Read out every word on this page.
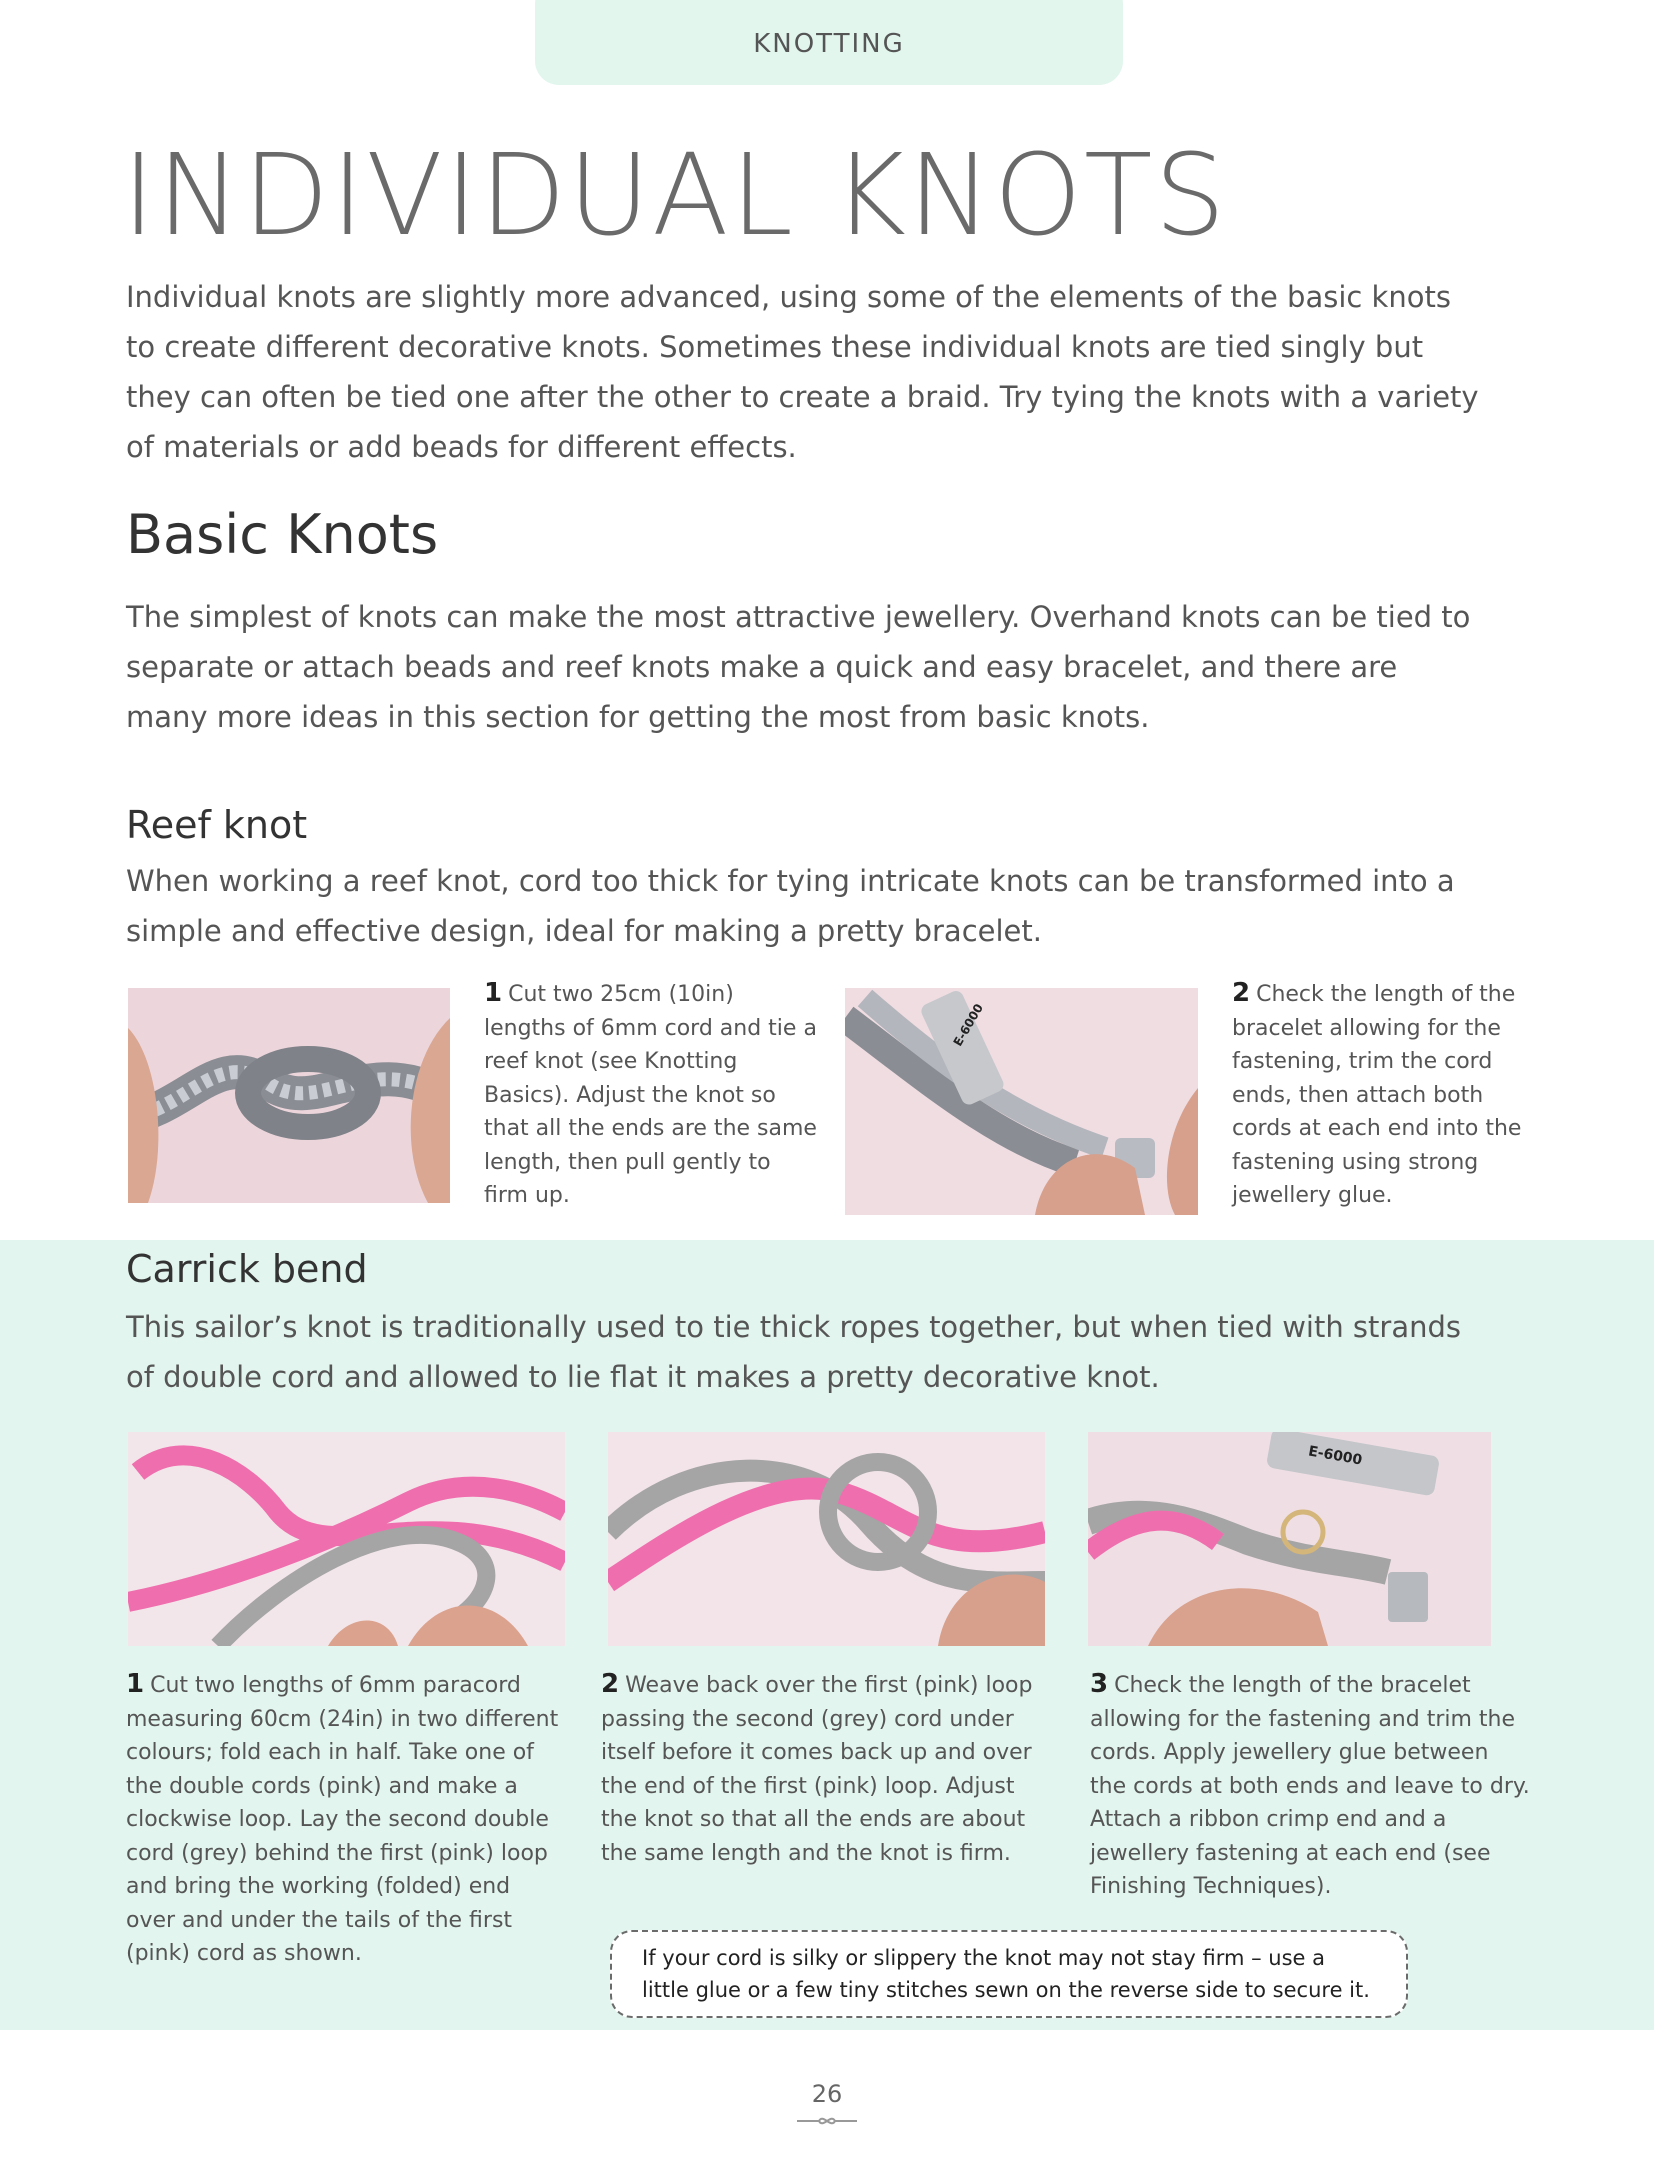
KNOTTING
INDIVIDUAL KNOTS

Individual knots are slightly more advanced, using some of the elements of the basic knots to create different decorative knots. Sometimes these individual knots are tied singly but they can often be tied one after the other to create a braid. Try tying the knots with a variety of materials or add beads for different effects.

Basic Knots

The simplest of knots can make the most attractive jewellery. Overhand knots can be tied to separate or attach beads and reef knots make a quick and easy bracelet, and there are many more ideas in this section for getting the most from basic knots.

Reef knot

When working a reef knot, cord too thick for tying intricate knots can be transformed into a simple and effective design, ideal for making a pretty bracelet.

1 Cut two 25cm (10in) lengths of 6mm cord and tie a reef knot (see Knotting Basics). Adjust the knot so that all the ends are the same length, then pull gently to firm up.

E-6000

2 Check the length of the bracelet allowing for the fastening, trim the cord ends, then attach both cords at each end into the fastening using strong jewellery glue.

Carrick bend

This sailor’s knot is traditionally used to tie thick ropes together, but when tied with strands of double cord and allowed to lie flat it makes a pretty decorative knot.

E-6000

1 Cut two lengths of 6mm paracord measuring 60cm (24in) in two different colours; fold each in half. Take one of the double cords (pink) and make a clockwise loop. Lay the second double cord (grey) behind the first (pink) loop and bring the working (folded) end over and under the tails of the first (pink) cord as shown.

2 Weave back over the first (pink) loop passing the second (grey) cord under itself before it comes back up and over the end of the first (pink) loop. Adjust the knot so that all the ends are about the same length and the knot is firm.

3 Check the length of the bracelet allowing for the fastening and trim the cords. Apply jewellery glue between the cords at both ends and leave to dry. Attach a ribbon crimp end and a jewellery fastening at each end (see Finishing Techniques).

If your cord is silky or slippery the knot may not stay firm – use a little glue or a few tiny stitches sewn on the reverse side to secure it.
26
